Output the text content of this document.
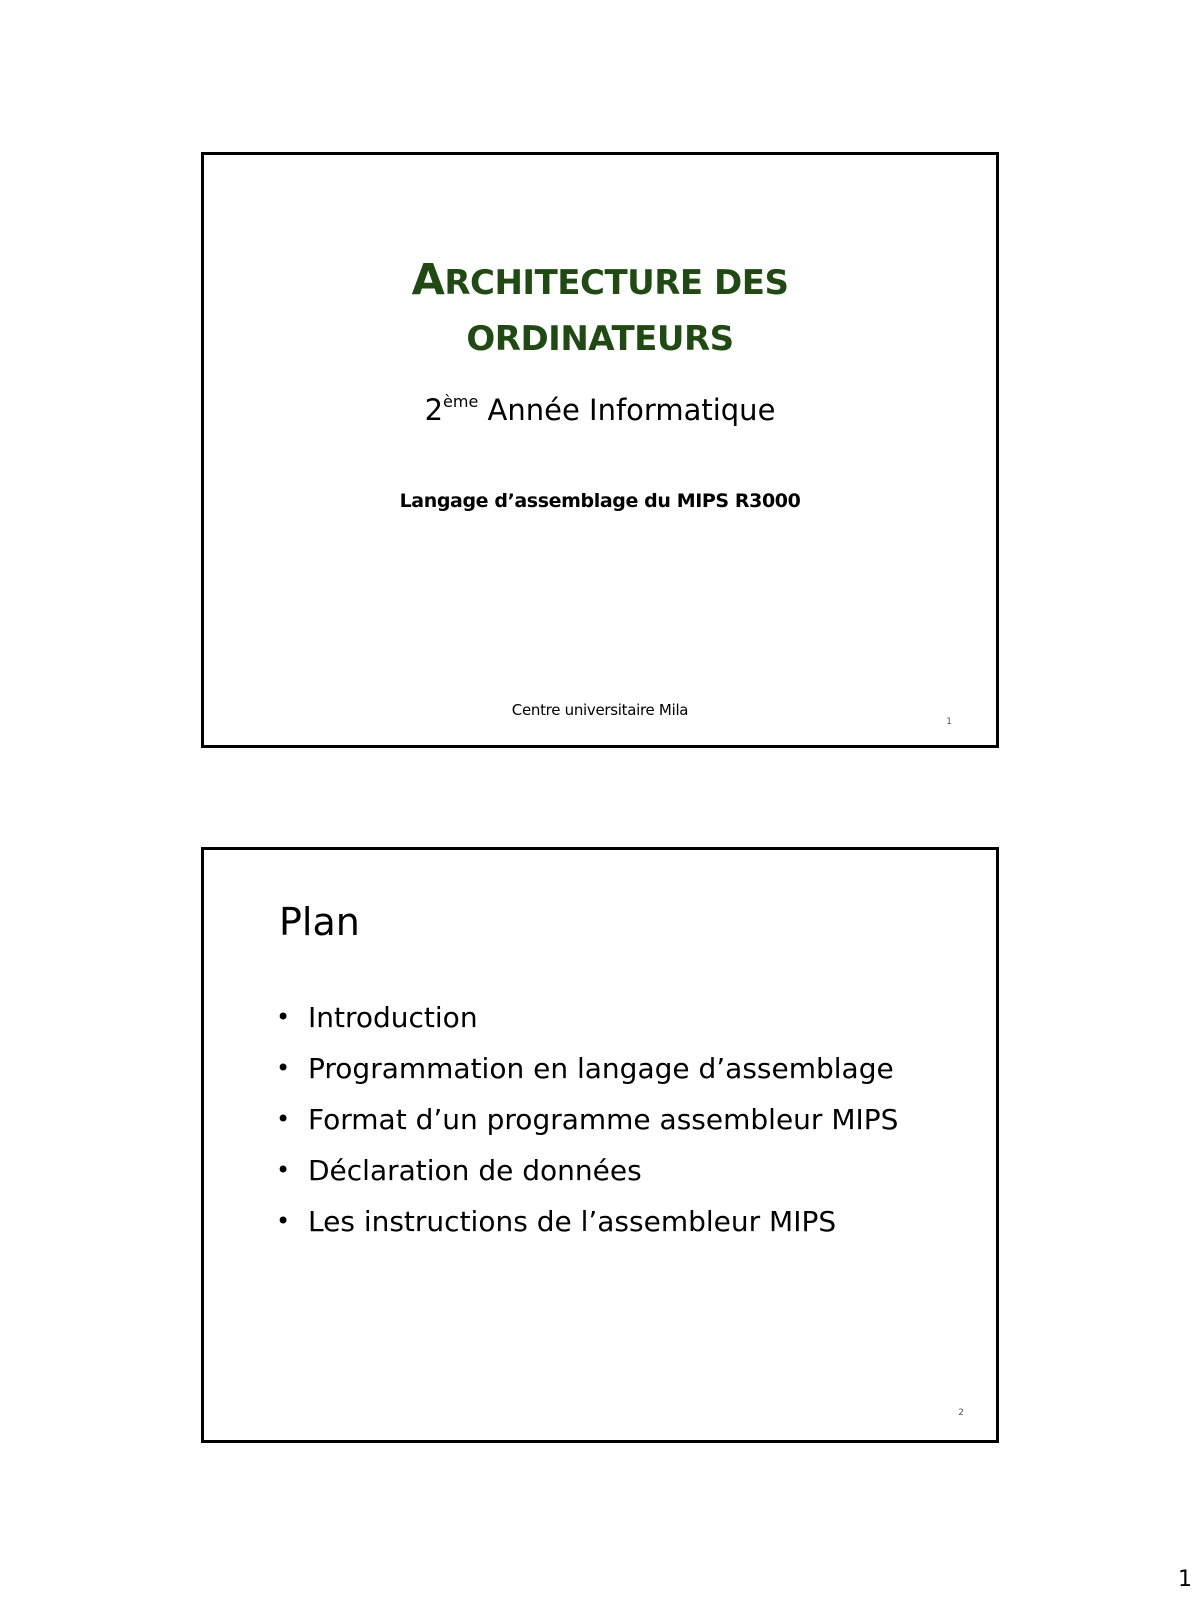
ARCHITECTURE DES
ORDINATEURS
2ème Année Informatique
Langage d’assemblage du MIPS R3000
Centre universitaire Mila
1
Plan
• Introduction
• Programmation en langage d’assemblage
• Format d’un programme assembleur MIPS
• Déclaration de données
• Les instructions de l’assembleur MIPS
2
1
